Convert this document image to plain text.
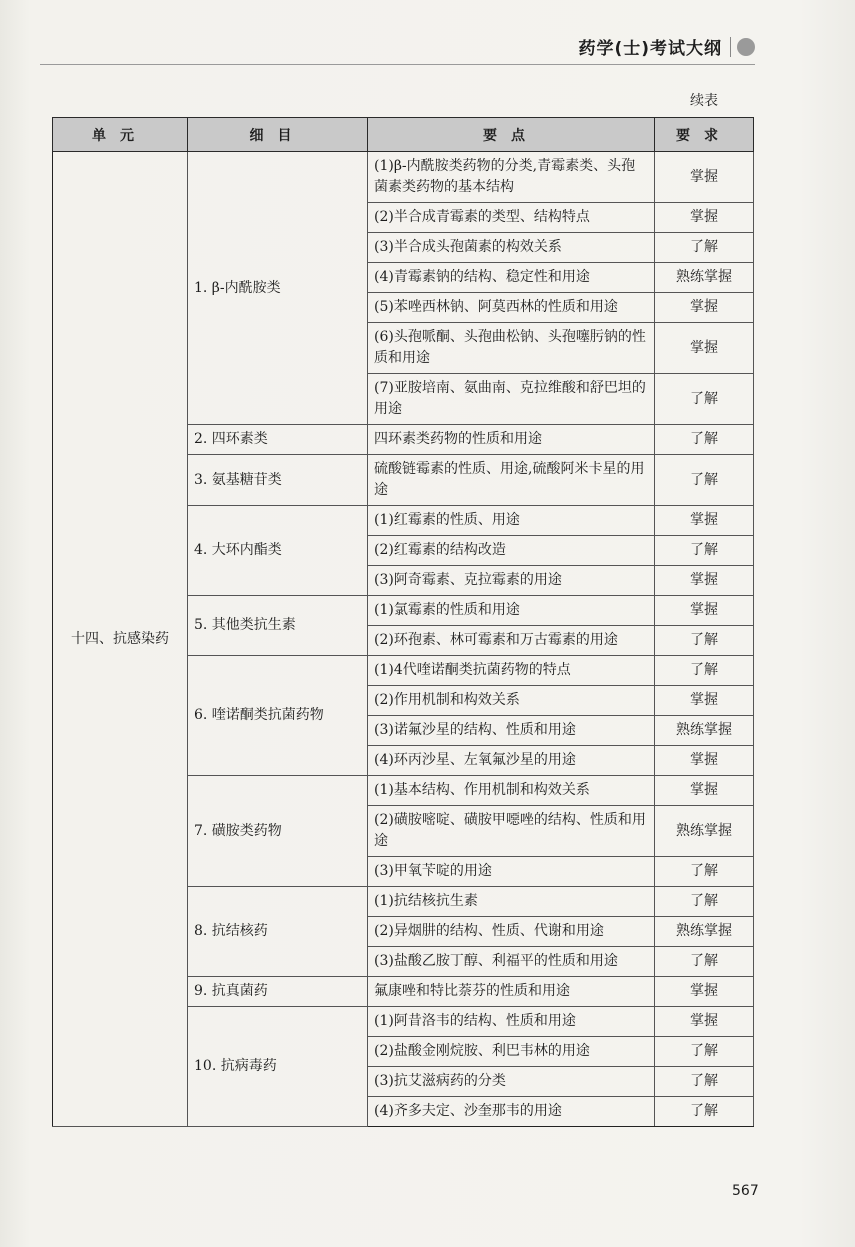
药学(士)考试大纲
续表
单元	细目	要点	要求
十四、抗感染药	1. β-内酰胺类	(1)β-内酰胺类药物的分类,青霉素类、头孢菌素类药物的基本结构	掌握
		(2)半合成青霉素的类型、结构特点	掌握
		(3)半合成头孢菌素的构效关系	了解
		(4)青霉素钠的结构、稳定性和用途	熟练掌握
		(5)苯唑西林钠、阿莫西林的性质和用途	掌握
		(6)头孢哌酮、头孢曲松钠、头孢噻肟钠的性质和用途	掌握
		(7)亚胺培南、氨曲南、克拉维酸和舒巴坦的用途	了解
	2. 四环素类	四环素类药物的性质和用途	了解
	3. 氨基糖苷类	硫酸链霉素的性质、用途,硫酸阿米卡星的用途	了解
	4. 大环内酯类	(1)红霉素的性质、用途	掌握
		(2)红霉素的结构改造	了解
		(3)阿奇霉素、克拉霉素的用途	掌握
	5. 其他类抗生素	(1)氯霉素的性质和用途	掌握
		(2)环孢素、林可霉素和万古霉素的用途	了解
	6. 喹诺酮类抗菌药物	(1)4代喹诺酮类抗菌药物的特点	了解
		(2)作用机制和构效关系	掌握
		(3)诺氟沙星的结构、性质和用途	熟练掌握
		(4)环丙沙星、左氧氟沙星的用途	掌握
	7. 磺胺类药物	(1)基本结构、作用机制和构效关系	掌握
		(2)磺胺嘧啶、磺胺甲噁唑的结构、性质和用途	熟练掌握
		(3)甲氧苄啶的用途	了解
	8. 抗结核药	(1)抗结核抗生素	了解
		(2)异烟肼的结构、性质、代谢和用途	熟练掌握
		(3)盐酸乙胺丁醇、利福平的性质和用途	了解
	9. 抗真菌药	氟康唑和特比萘芬的性质和用途	掌握
	10. 抗病毒药	(1)阿昔洛韦的结构、性质和用途	掌握
		(2)盐酸金刚烷胺、利巴韦林的用途	了解
		(3)抗艾滋病药的分类	了解
		(4)齐多夫定、沙奎那韦的用途	了解
567
